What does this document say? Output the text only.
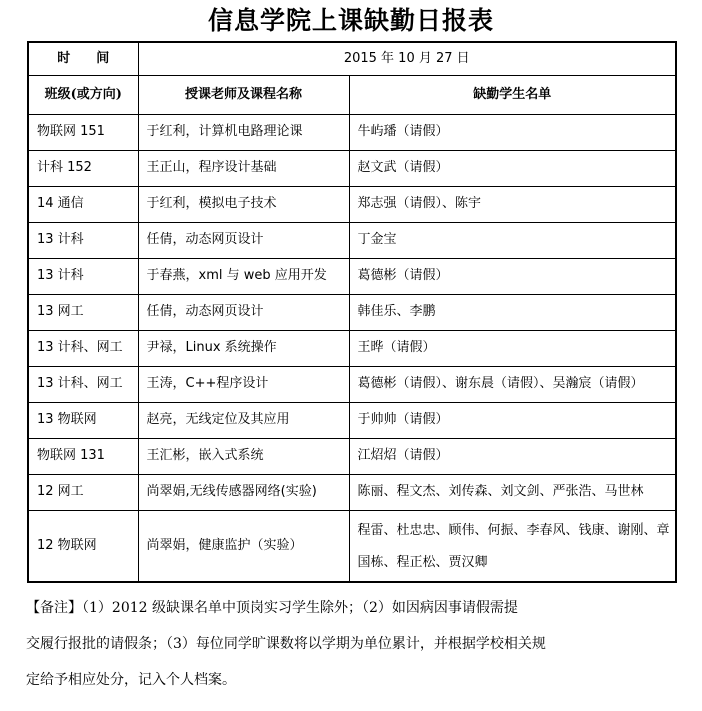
信息学院上课缺勤日报表
时　　间	2015 年 10 月 27 日	
班级(或方向)	授课老师及课程名称	缺勤学生名单
物联网 151	于红利，计算机电路理论课	牛屿璠（请假）
计科 152	王正山，程序设计基础	赵文武（请假）
14 通信	于红利，模拟电子技术	郑志强（请假）、陈宇
13 计科	任倩，动态网页设计	丁金宝
13 计科	于春燕，xml 与 web 应用开发	葛德彬（请假）
13 网工	任倩，动态网页设计	韩佳乐、李鹏
13 计科、网工	尹禄，Linux 系统操作	王晔（请假）
13 计科、网工	王涛，C++程序设计	葛德彬（请假）、谢东晨（请假）、吴瀚宸（请假）
13 物联网	赵亮，无线定位及其应用	于帅帅（请假）
物联网 131	王汇彬，嵌入式系统	江炤炤（请假）
12 网工	尚翠娟,无线传感器网络(实验)	陈丽、程文杰、刘传森、刘文剑、严张浩、马世林
12 物联网	尚翠娟，健康监护（实验）	程雷、杜忠忠、顾伟、何振、李春风、钱康、谢刚、章国栋、程正松、贾汉卿
【备注】（1）2012 级缺课名单中顶岗实习学生除外；（2）如因病因事请假需提
交履行报批的请假条；（3）每位同学旷课数将以学期为单位累计，并根据学校相关规
定给予相应处分，记入个人档案。
